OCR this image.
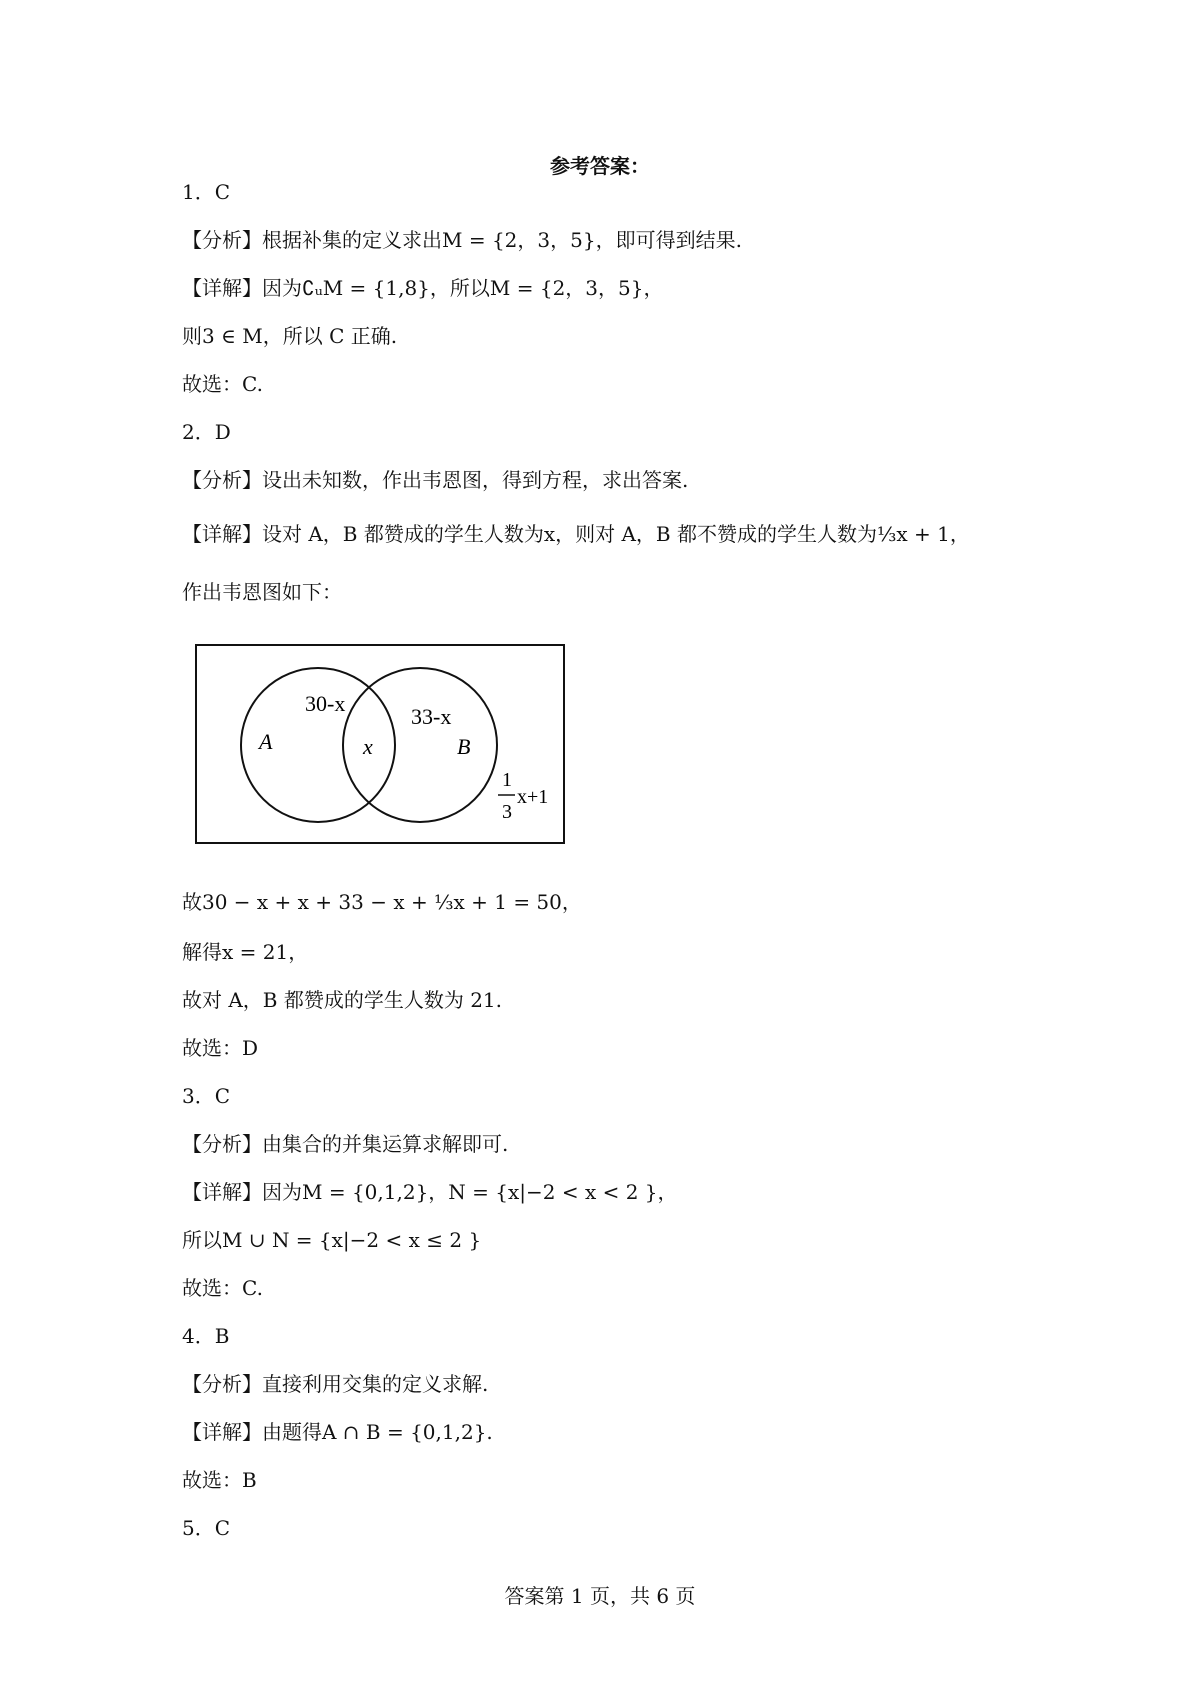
参考答案：
1．C
【分析】根据补集的定义求出M = {2，3，5}，即可得到结果.
【详解】因为∁ᵤM = {1,8}，所以M = {2，3，5}，
则3 ∈ M，所以 C 正确.
故选：C.
2．D
【分析】设出未知数，作出韦恩图，得到方程，求出答案.
【详解】设对 A，B 都赞成的学生人数为x，则对 A，B 都不赞成的学生人数为⅓x + 1，
作出韦恩图如下：
30-x
A	x
33-x
B
1
3
x+1
故30 − x + x + 33 − x + ⅓x + 1 = 50，
解得x = 21，
故对 A，B 都赞成的学生人数为 21.
故选：D
3．C
【分析】由集合的并集运算求解即可.
【详解】因为M = {0,1,2}，N = {x|−2 < x < 2 }，
所以M ∪ N = {x|−2 < x ≤ 2 }
故选：C.
4．B
【分析】直接利用交集的定义求解.
【详解】由题得A ∩ B = {0,1,2}.
故选：B
5．C
答案第 1 页，共 6 页
